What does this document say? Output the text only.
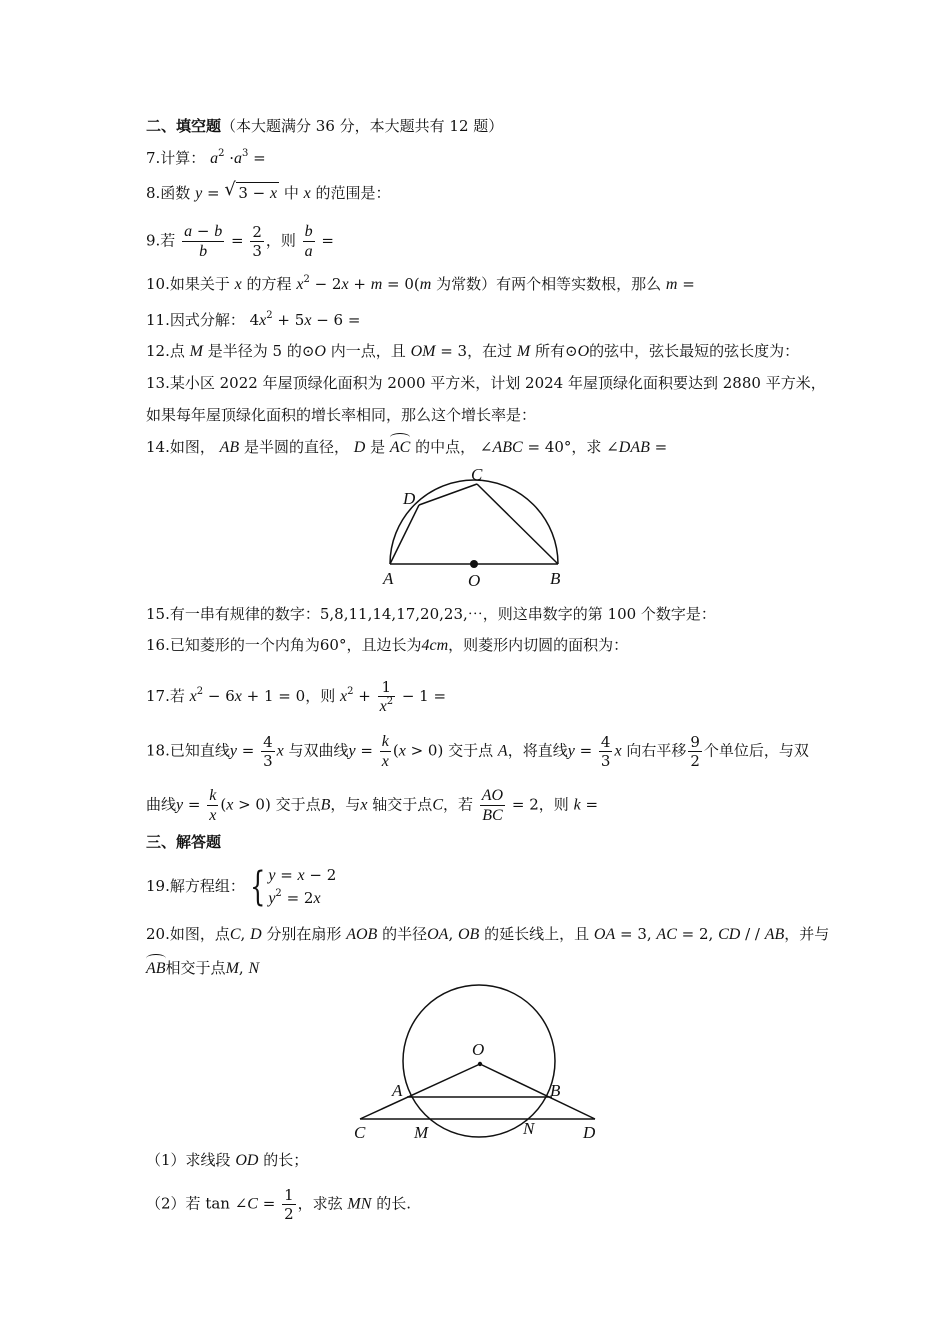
二、填空题（本大题满分 36 分，本大题共有 12 题）
7.计算： $a^2 \cdot a^3$ =
8.函数 y = √ 3 − x 中 x 的范围是：
9.若 $\frac{a - b}{b} = \frac{2}{3}$ ，则 $\frac{b}{a}$ =
10.如果关于 x 的方程 $x^2 - 2x + m = 0(m$ 为常数）有两个相等实数根，那么 m =
11.因式分解： $4x^2 + 5x - 6$ =
12.点 M 是半径为 5 的⊙O 内一点，且 OM = 3，在过 M 所有⊙O的弦中，弦长最短的弦长度为：
13.某小区 2022 年屋顶绿化面积为 2000 平方米，计划 2024 年屋顶绿化面积要达到 2880 平方米，
如果每年屋顶绿化面积的增长率相同，那么这个增长率是：
14.如图， AB 是半圆的直径， D 是 AC 的中点， ∠ABC = 40°，求 ∠DAB =
D
C
A	O	B
15.有一串有规律的数字：5,8,11,14,17,20,23,⋯，则这串数字的第 100 个数字是：
16.已知菱形的一个内角为60°，且边长为4cm，则菱形内切圆的面积为：
17.若 $x^2 - 6x + 1 = 0$，则 $x^2 + \frac{1}{x^2} - 1$ =
18.已知直线$y = \frac{4}{3}$ x 与双曲线$y = \frac{k}{x} (x > 0)$ 交于点 A，将直线$y = \frac{4}{3}$ x 向右平移 $\frac{9}{2}$ 个单位后，与双
曲线$y = \frac{k}{x} (x > 0)$ 交于点B，与x 轴交于点C，若 $\frac{AO}{BC} = 2$，则 k =
三、解答题
19.解方程组： { y = x − 2
$y^2 = 2x$
20.如图，点C, D 分别在扇形 AOB 的半径OA, OB 的延长线上，且 OA = 3, AC = 2, CD / / AB，并与
AB相交于点M, N
O
A	B
C	M	N	D
（1）求线段 OD 的长；
（2）若 tan ∠C = $\frac{1}{2}$ ，求弦 MN 的长.
